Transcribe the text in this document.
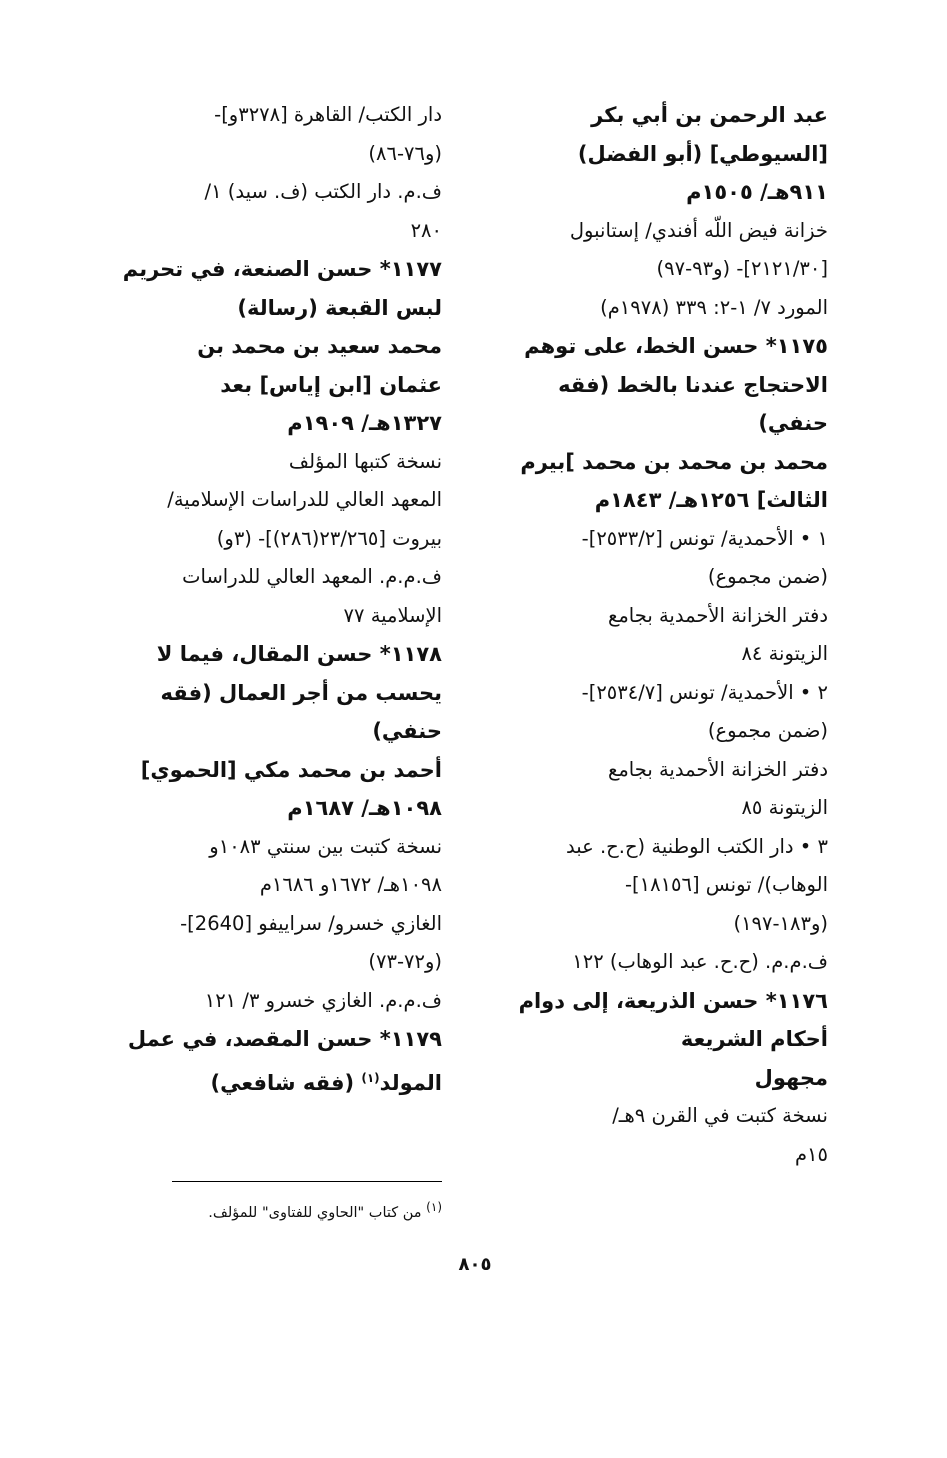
عبد الرحمن بن أبي بكر
[السيوطي] (أبو الفضل)
٩١١هـ/ ١٥٠٥م
خزانة فيض اللّه أفندي/ إستانبول
[٢١٢١/٣٠]- (و٩٣-٩٧)
المورد ٧/ ١-٢: ٣٣٩ (١٩٧٨م)
١١٧٥* حسن الخط، على توهم
الاحتجاج عندنا بالخط (فقه
حنفي)
محمد بن محمد بن محمد ]بيرم
الثالث] ١٢٥٦هـ/ ١٨٤٣م
١ • الأحمدية/ تونس [٢٥٣٣/٢]-
(ضمن مجموع)
دفتر الخزانة الأحمدية بجامع
الزيتونة ٨٤
٢ • الأحمدية/ تونس [٢٥٣٤/٧]-
(ضمن مجموع)
دفتر الخزانة الأحمدية بجامع
الزيتونة ٨٥
٣ • دار الكتب الوطنية (ح.ح. عبد
الوهاب)/ تونس [١٨١٥٦]-
(و١٨٣-١٩٧)
ف.م.م. (ح.ح. عبد الوهاب) ١٢٢
١١٧٦* حسن الذريعة، إلى دوام
أحكام الشريعة
مجهول
نسخة كتبت في القرن ٩هـ/
١٥م
دار الكتب/ القاهرة [٣٢٧٨و]-
(و٧٦-٨٦)
ف.م. دار الكتب (ف. سيد) ١/
٢٨٠
١١٧٧* حسن الصنعة، في تحريم
لبس القبعة (رسالة)
محمد سعيد بن محمد بن
عثمان [ابن إياس] بعد
١٣٢٧هـ/ ١٩٠٩م
نسخة كتبها المؤلف
المعهد العالي للدراسات الإسلامية/
بيروت [٢٣/٢٦٥(٢٨٦)]- (٣و)
ف.م.م. المعهد العالي للدراسات
الإسلامية ٧٧
١١٧٨* حسن المقال، فيما لا
يحسب من أجر العمال (فقه
حنفي)
أحمد بن محمد مكي [الحموي]
١٠٩٨هـ/ ١٦٨٧م
نسخة كتبت بين سنتي ١٠٨٣و
١٠٩٨هـ/ ١٦٧٢و ١٦٨٦م
الغازي خسرو/ سراييفو [2640]-
(و٧٢-٧٣)
ف.م.م. الغازي خسرو ٣/ ١٢١
١١٧٩* حسن المقصد، في عمل
المولد$^{(١)}$ (فقه شافعي)
$^{(١)}$ من كتاب "الحاوي للفتاوى" للمؤلف.
٨٠٥
